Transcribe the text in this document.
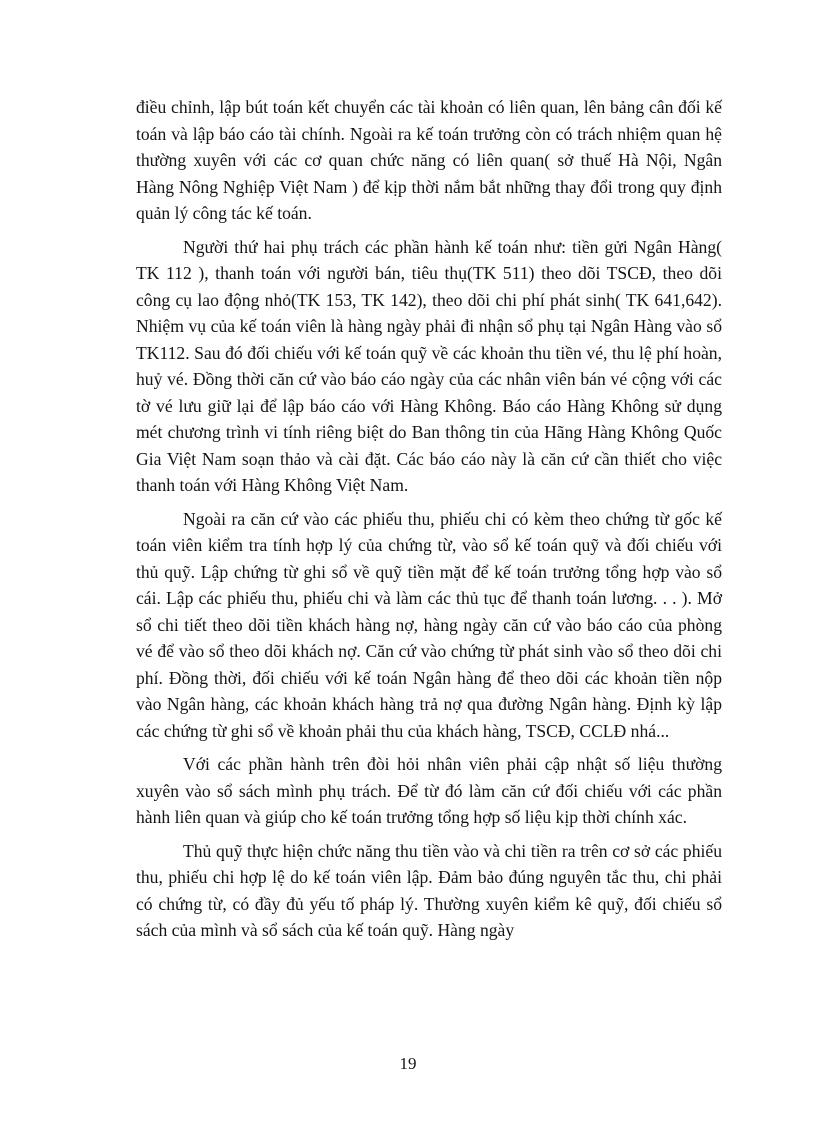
điều chỉnh, lập bút toán kết chuyển các tài khoản có liên quan, lên bảng cân đối kế toán và lập báo cáo tài chính. Ngoài ra kế toán trưởng còn có trách nhiệm quan hệ thường xuyên với các cơ quan chức năng có liên quan( sở thuế Hà Nội, Ngân Hàng Nông Nghiệp Việt Nam ) để kịp thời nắm bắt những thay đổi trong quy định quản lý công tác kế toán.

Người thứ hai phụ trách các phần hành kế toán như: tiền gửi Ngân Hàng( TK 112 ), thanh toán với người bán, tiêu thụ(TK 511) theo dõi TSCĐ, theo dõi công cụ lao động nhỏ(TK 153, TK 142), theo dõi chi phí phát sinh( TK 641,642). Nhiệm vụ của kế toán viên là hàng ngày phải đi nhận sổ phụ tại Ngân Hàng vào sổ TK112. Sau đó đối chiếu với kế toán quỹ về các khoản thu tiền vé, thu lệ phí hoàn, huỷ vé. Đồng thời căn cứ vào báo cáo ngày của các nhân viên bán vé cộng với các tờ vé lưu giữ lại để lập báo cáo với Hàng Không. Báo cáo Hàng Không sử dụng mét chương trình vi tính riêng biệt do Ban thông tin của Hãng Hàng Không Quốc Gia Việt Nam soạn thảo và cài đặt. Các báo cáo này là căn cứ cần thiết cho việc thanh toán với Hàng Không Việt Nam.

Ngoài ra căn cứ vào các phiếu thu, phiếu chi có kèm theo chứng từ gốc kế toán viên kiểm tra tính hợp lý của chứng từ, vào sổ kế toán quỹ và đối chiếu với thủ quỹ. Lập chứng từ ghi sổ về quỹ tiền mặt để kế toán trưởng tổng hợp vào sổ cái. Lập các phiếu thu, phiếu chi và làm các thủ tục để thanh toán lương. . . ). Mở sổ chi tiết theo dõi tiền khách hàng nợ, hàng ngày căn cứ vào báo cáo của phòng vé để vào sổ theo dõi khách nợ. Căn cứ vào chứng từ phát sinh vào sổ theo dõi chi phí. Đồng thời, đối chiếu với kế toán Ngân hàng để theo dõi các khoản tiền nộp vào Ngân hàng, các khoản khách hàng trả nợ qua đường Ngân hàng. Định kỳ lập các chứng từ ghi sổ về khoản phải thu của khách hàng, TSCĐ, CCLĐ nhá...

Với các phần hành trên đòi hỏi nhân viên phải cập nhật số liệu thường xuyên vào sổ sách mình phụ trách. Để từ đó làm căn cứ đối chiếu với các phần hành liên quan và giúp cho kế toán trưởng tổng hợp số liệu kịp thời chính xác.

Thủ quỹ thực hiện chức năng thu tiền vào và chi tiền ra trên cơ sở các phiếu thu, phiếu chi hợp lệ do kế toán viên lập. Đảm bảo đúng nguyên tắc thu, chi phải có chứng từ, có đầy đủ yếu tố pháp lý. Thường xuyên kiểm kê quỹ, đối chiếu sổ sách của mình và sổ sách của kế toán quỹ. Hàng ngày

19
